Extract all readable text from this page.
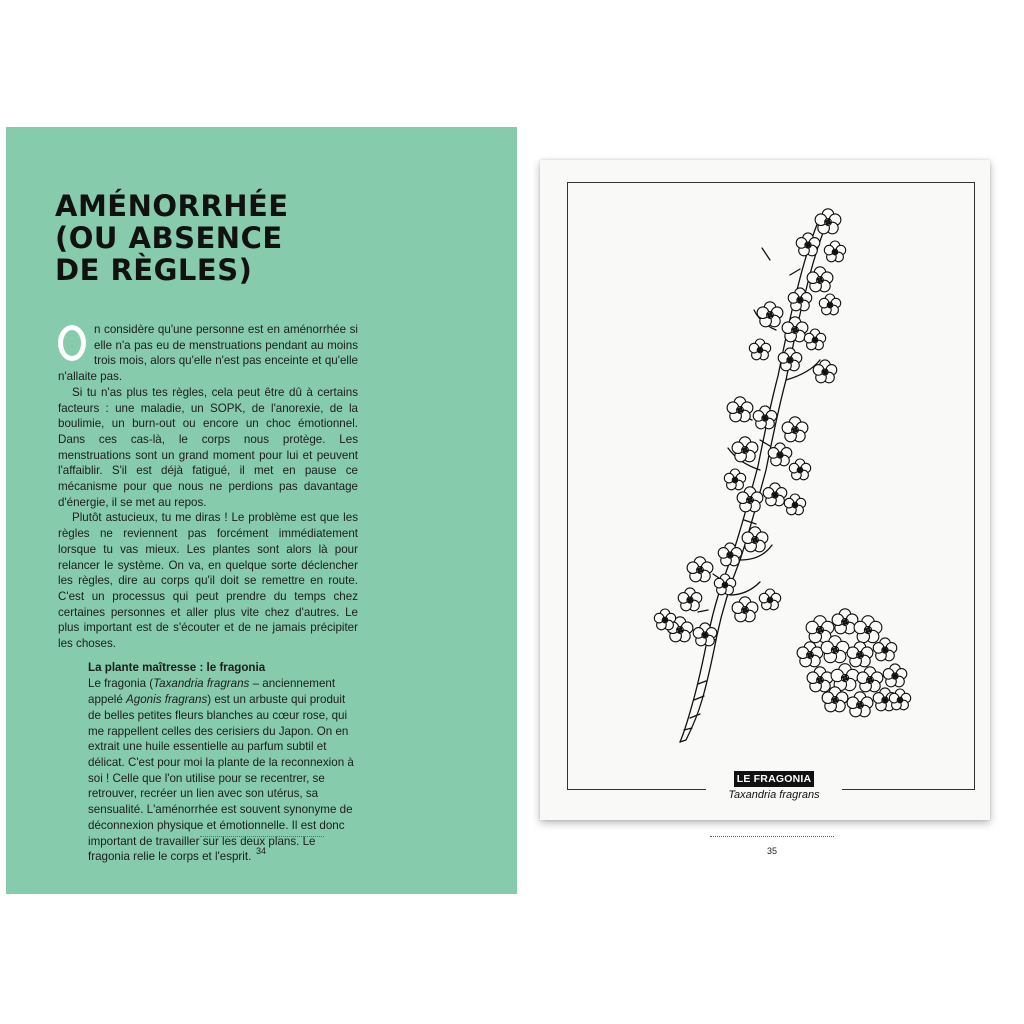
AMÉNORRHÉE
(OU ABSENCE
DE RÈGLES)

n considère qu'une personne est en aménorrhée si elle n'a pas eu de menstruations pendant au moins trois mois, alors qu'elle n'est pas enceinte et qu'elle n'allaite pas.

Si tu n'as plus tes règles, cela peut être dû à certains facteurs : une maladie, un SOPK, de l'anorexie, de la boulimie, un burn-out ou encore un choc émotionnel. Dans ces cas-là, le corps nous protège. Les menstruations sont un grand moment pour lui et peuvent l'affaiblir. S'il est déjà fatigué, il met en pause ce mécanisme pour que nous ne perdions pas davantage d'énergie, il se met au repos.

Plutôt astucieux, tu me diras ! Le problème est que les règles ne reviennent pas forcément immédiatement lorsque tu vas mieux. Les plantes sont alors là pour relancer le système. On va, en quelque sorte déclencher les règles, dire au corps qu'il doit se remettre en route. C'est un processus qui peut prendre du temps chez certaines personnes et aller plus vite chez d'autres. Le plus important est de s'écouter et de ne jamais précipiter les choses.

La plante maîtresse : le fragonia

Le fragonia (Taxandria fragrans – anciennement appelé Agonis fragrans) est un arbuste qui produit de belles petites fleurs blanches au cœur rose, qui me rappellent celles des cerisiers du Japon. On en extrait une huile essentielle au parfum subtil et délicat. C'est pour moi la plante de la reconnexion à soi ! Celle que l'on utilise pour se recentrer, se retrouver, recréer un lien avec son utérus, sa sensualité. L'aménorrhée est souvent synonyme de déconnexion physique et émotionnelle. Il est donc important de travailler sur les deux plans. Le fragonia relie le corps et l'esprit. 34
LE FRAGONIA
Taxandria fragrans
35
